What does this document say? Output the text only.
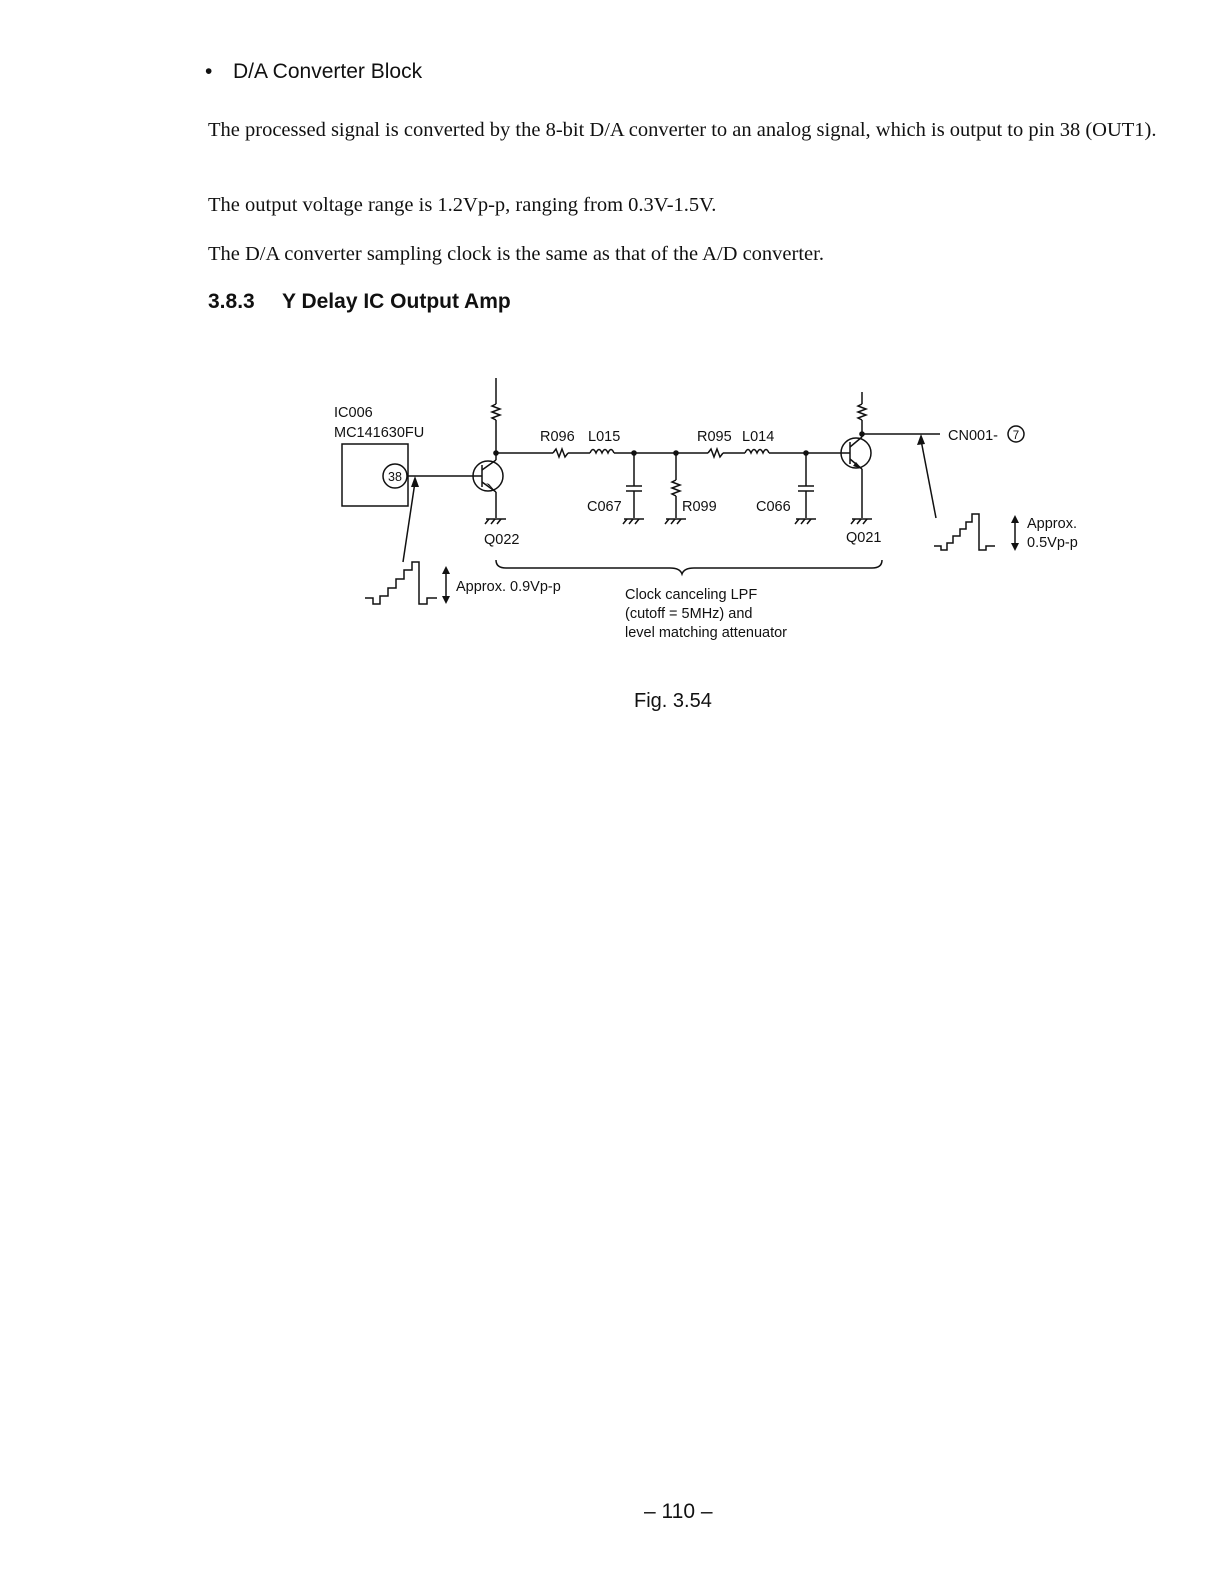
• D/A Converter Block

The processed signal is converted by the 8-bit D/A converter to an analog signal, which is output to pin 38 (OUT1).

The output voltage range is 1.2Vp-p, ranging from 0.3V-1.5V.

The D/A converter sampling clock is the same as that of the A/D converter.

3.8.3 Y Delay IC Output Amp
IC006
MC141630FU
38
R096 L015	R095 L014
C067	R099	C066
Q022	Q021
CN001- 7
Approx. 0.9Vp-p
Approx.
0.5Vp-p
Clock canceling LPF
(cutoff = 5MHz) and
level matching attenuator
Fig. 3.54
– 110 –
